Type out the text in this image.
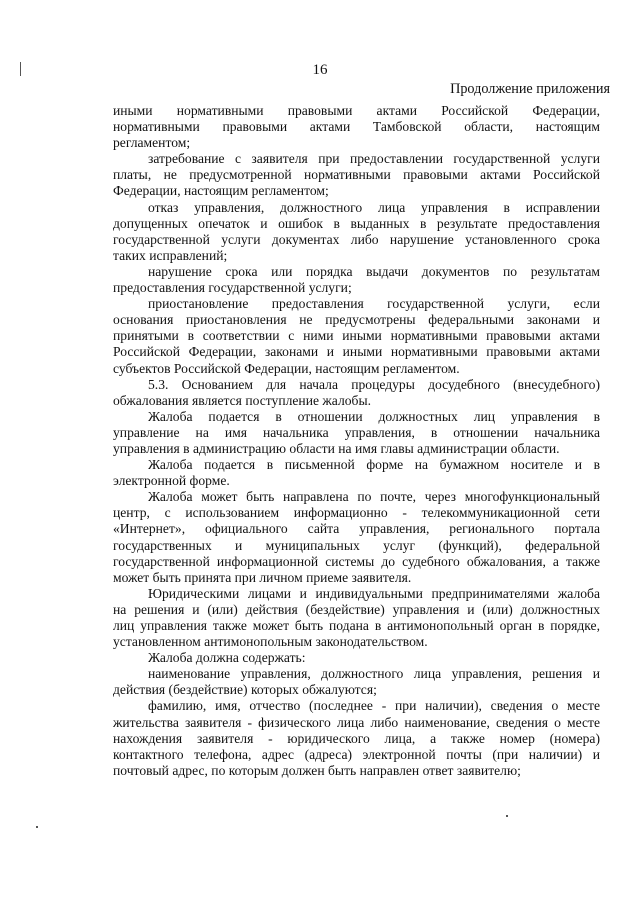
16
Продолжение приложения

иными нормативными правовыми актами Российской Федерации,
нормативными правовыми актами Тамбовской области, настоящим
регламентом;

затребование с заявителя при предоставлении государственной услуги
платы, не предусмотренной нормативными правовыми актами Российской
Федерации, настоящим регламентом;

отказ управления, должностного лица управления в исправлении
допущенных опечаток и ошибок в выданных в результате предоставления
государственной услуги документах либо нарушение установленного срока
таких исправлений;

нарушение срока или порядка выдачи документов по результатам
предоставления государственной услуги;

приостановление предоставления государственной услуги, если
основания приостановления не предусмотрены федеральными законами и
принятыми в соответствии с ними иными нормативными правовыми актами
Российской Федерации, законами и иными нормативными правовыми актами
субъектов Российской Федерации, настоящим регламентом.

5.3. Основанием для начала процедуры досудебного (внесудебного)
обжалования является поступление жалобы.

Жалоба подается в отношении должностных лиц управления в
управление на имя начальника управления, в отношении начальника
управления в администрацию области на имя главы администрации области.

Жалоба подается в письменной форме на бумажном носителе и в
электронной форме.

Жалоба может быть направлена по почте, через многофункциональный
центр, с использованием информационно - телекоммуникационной сети
«Интернет», официального сайта управления, регионального портала
государственных и муниципальных услуг (функций), федеральной
государственной информационной системы до судебного обжалования, а также
может быть принята при личном приеме заявителя.

Юридическими лицами и индивидуальными предпринимателями жалоба
на решения и (или) действия (бездействие) управления и (или) должностных
лиц управления также может быть подана в антимонопольный орган в порядке,
установленном антимонопольным законодательством.

Жалоба должна содержать:

наименование управления, должностного лица управления, решения и
действия (бездействие) которых обжалуются;

фамилию, имя, отчество (последнее - при наличии), сведения о месте
жительства заявителя - физического лица либо наименование, сведения о месте
нахождения заявителя - юридического лица, а также номер (номера)
контактного телефона, адрес (адреса) электронной почты (при наличии) и
почтовый адрес, по которым должен быть направлен ответ заявителю;
